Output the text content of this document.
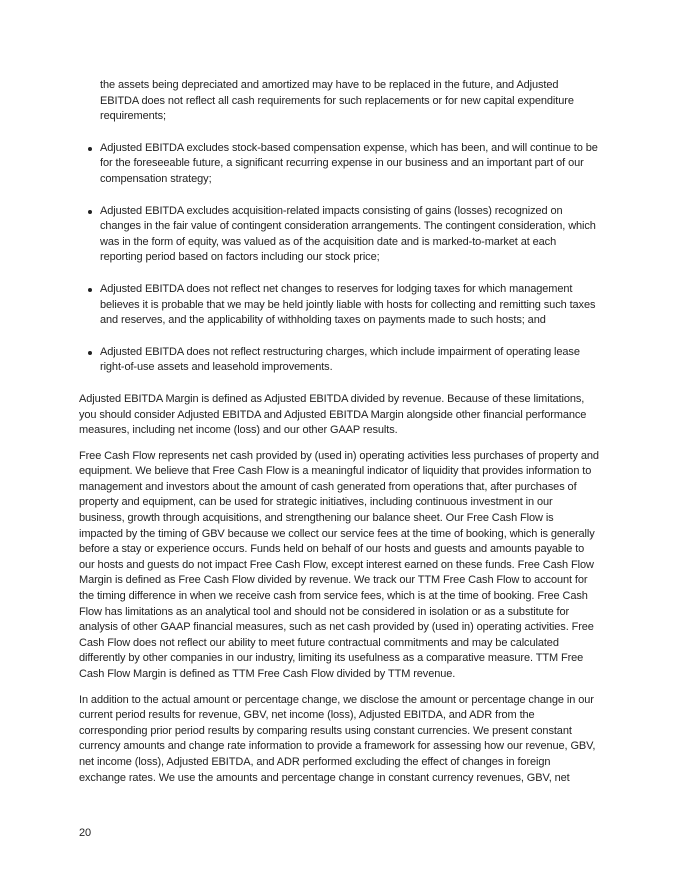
the assets being depreciated and amortized may have to be replaced in the future, and Adjusted EBITDA does not reflect all cash requirements for such replacements or for new capital expenditure requirements;
Adjusted EBITDA excludes stock-based compensation expense, which has been, and will continue to be for the foreseeable future, a significant recurring expense in our business and an important part of our compensation strategy;
Adjusted EBITDA excludes acquisition-related impacts consisting of gains (losses) recognized on changes in the fair value of contingent consideration arrangements. The contingent consideration, which was in the form of equity, was valued as of the acquisition date and is marked-to-market at each reporting period based on factors including our stock price;
Adjusted EBITDA does not reflect net changes to reserves for lodging taxes for which management believes it is probable that we may be held jointly liable with hosts for collecting and remitting such taxes and reserves, and the applicability of withholding taxes on payments made to such hosts; and
Adjusted EBITDA does not reflect restructuring charges, which include impairment of operating lease right-of-use assets and leasehold improvements.

Adjusted EBITDA Margin is defined as Adjusted EBITDA divided by revenue. Because of these limitations, you should consider Adjusted EBITDA and Adjusted EBITDA Margin alongside other financial performance measures, including net income (loss) and our other GAAP results.

Free Cash Flow represents net cash provided by (used in) operating activities less purchases of property and equipment. We believe that Free Cash Flow is a meaningful indicator of liquidity that provides information to management and investors about the amount of cash generated from operations that, after purchases of property and equipment, can be used for strategic initiatives, including continuous investment in our business, growth through acquisitions, and strengthening our balance sheet. Our Free Cash Flow is impacted by the timing of GBV because we collect our service fees at the time of booking, which is generally before a stay or experience occurs. Funds held on behalf of our hosts and guests and amounts payable to our hosts and guests do not impact Free Cash Flow, except interest earned on these funds. Free Cash Flow Margin is defined as Free Cash Flow divided by revenue. We track our TTM Free Cash Flow to account for the timing difference in when we receive cash from service fees, which is at the time of booking. Free Cash Flow has limitations as an analytical tool and should not be considered in isolation or as a substitute for analysis of other GAAP financial measures, such as net cash provided by (used in) operating activities. Free Cash Flow does not reflect our ability to meet future contractual commitments and may be calculated differently by other companies in our industry, limiting its usefulness as a comparative measure. TTM Free Cash Flow Margin is defined as TTM Free Cash Flow divided by TTM revenue.

In addition to the actual amount or percentage change, we disclose the amount or percentage change in our current period results for revenue, GBV, net income (loss), Adjusted EBITDA, and ADR from the corresponding prior period results by comparing results using constant currencies. We present constant currency amounts and change rate information to provide a framework for assessing how our revenue, GBV, net income (loss), Adjusted EBITDA, and ADR performed excluding the effect of changes in foreign exchange rates. We use the amounts and percentage change in constant currency revenues, GBV, net

20
